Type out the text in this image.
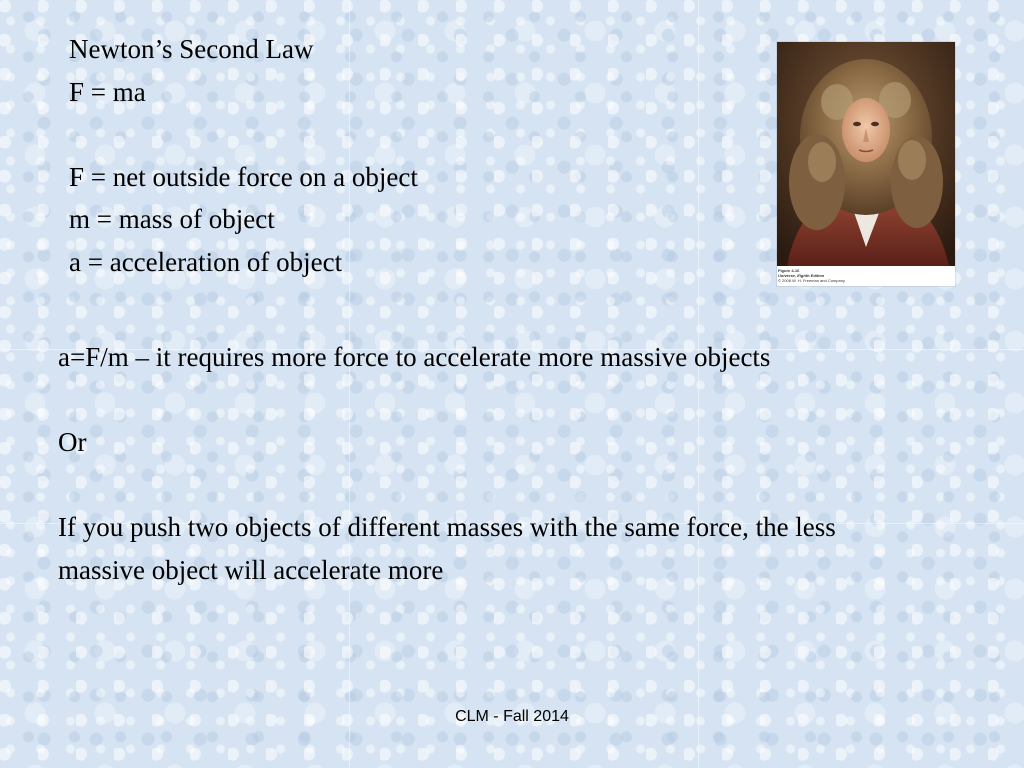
Newton’s Second Law
F = ma
F = net outside force on a object
m = mass of object
a = acceleration of object	Figure 4-16
Universe, Eighth Edition
© 2008 W. H. Freeman and Company
a=F/m – it requires more force to accelerate more massive objects
Or
If you push two objects of different masses with the same force, the less massive object will accelerate more
CLM - Fall 2014
